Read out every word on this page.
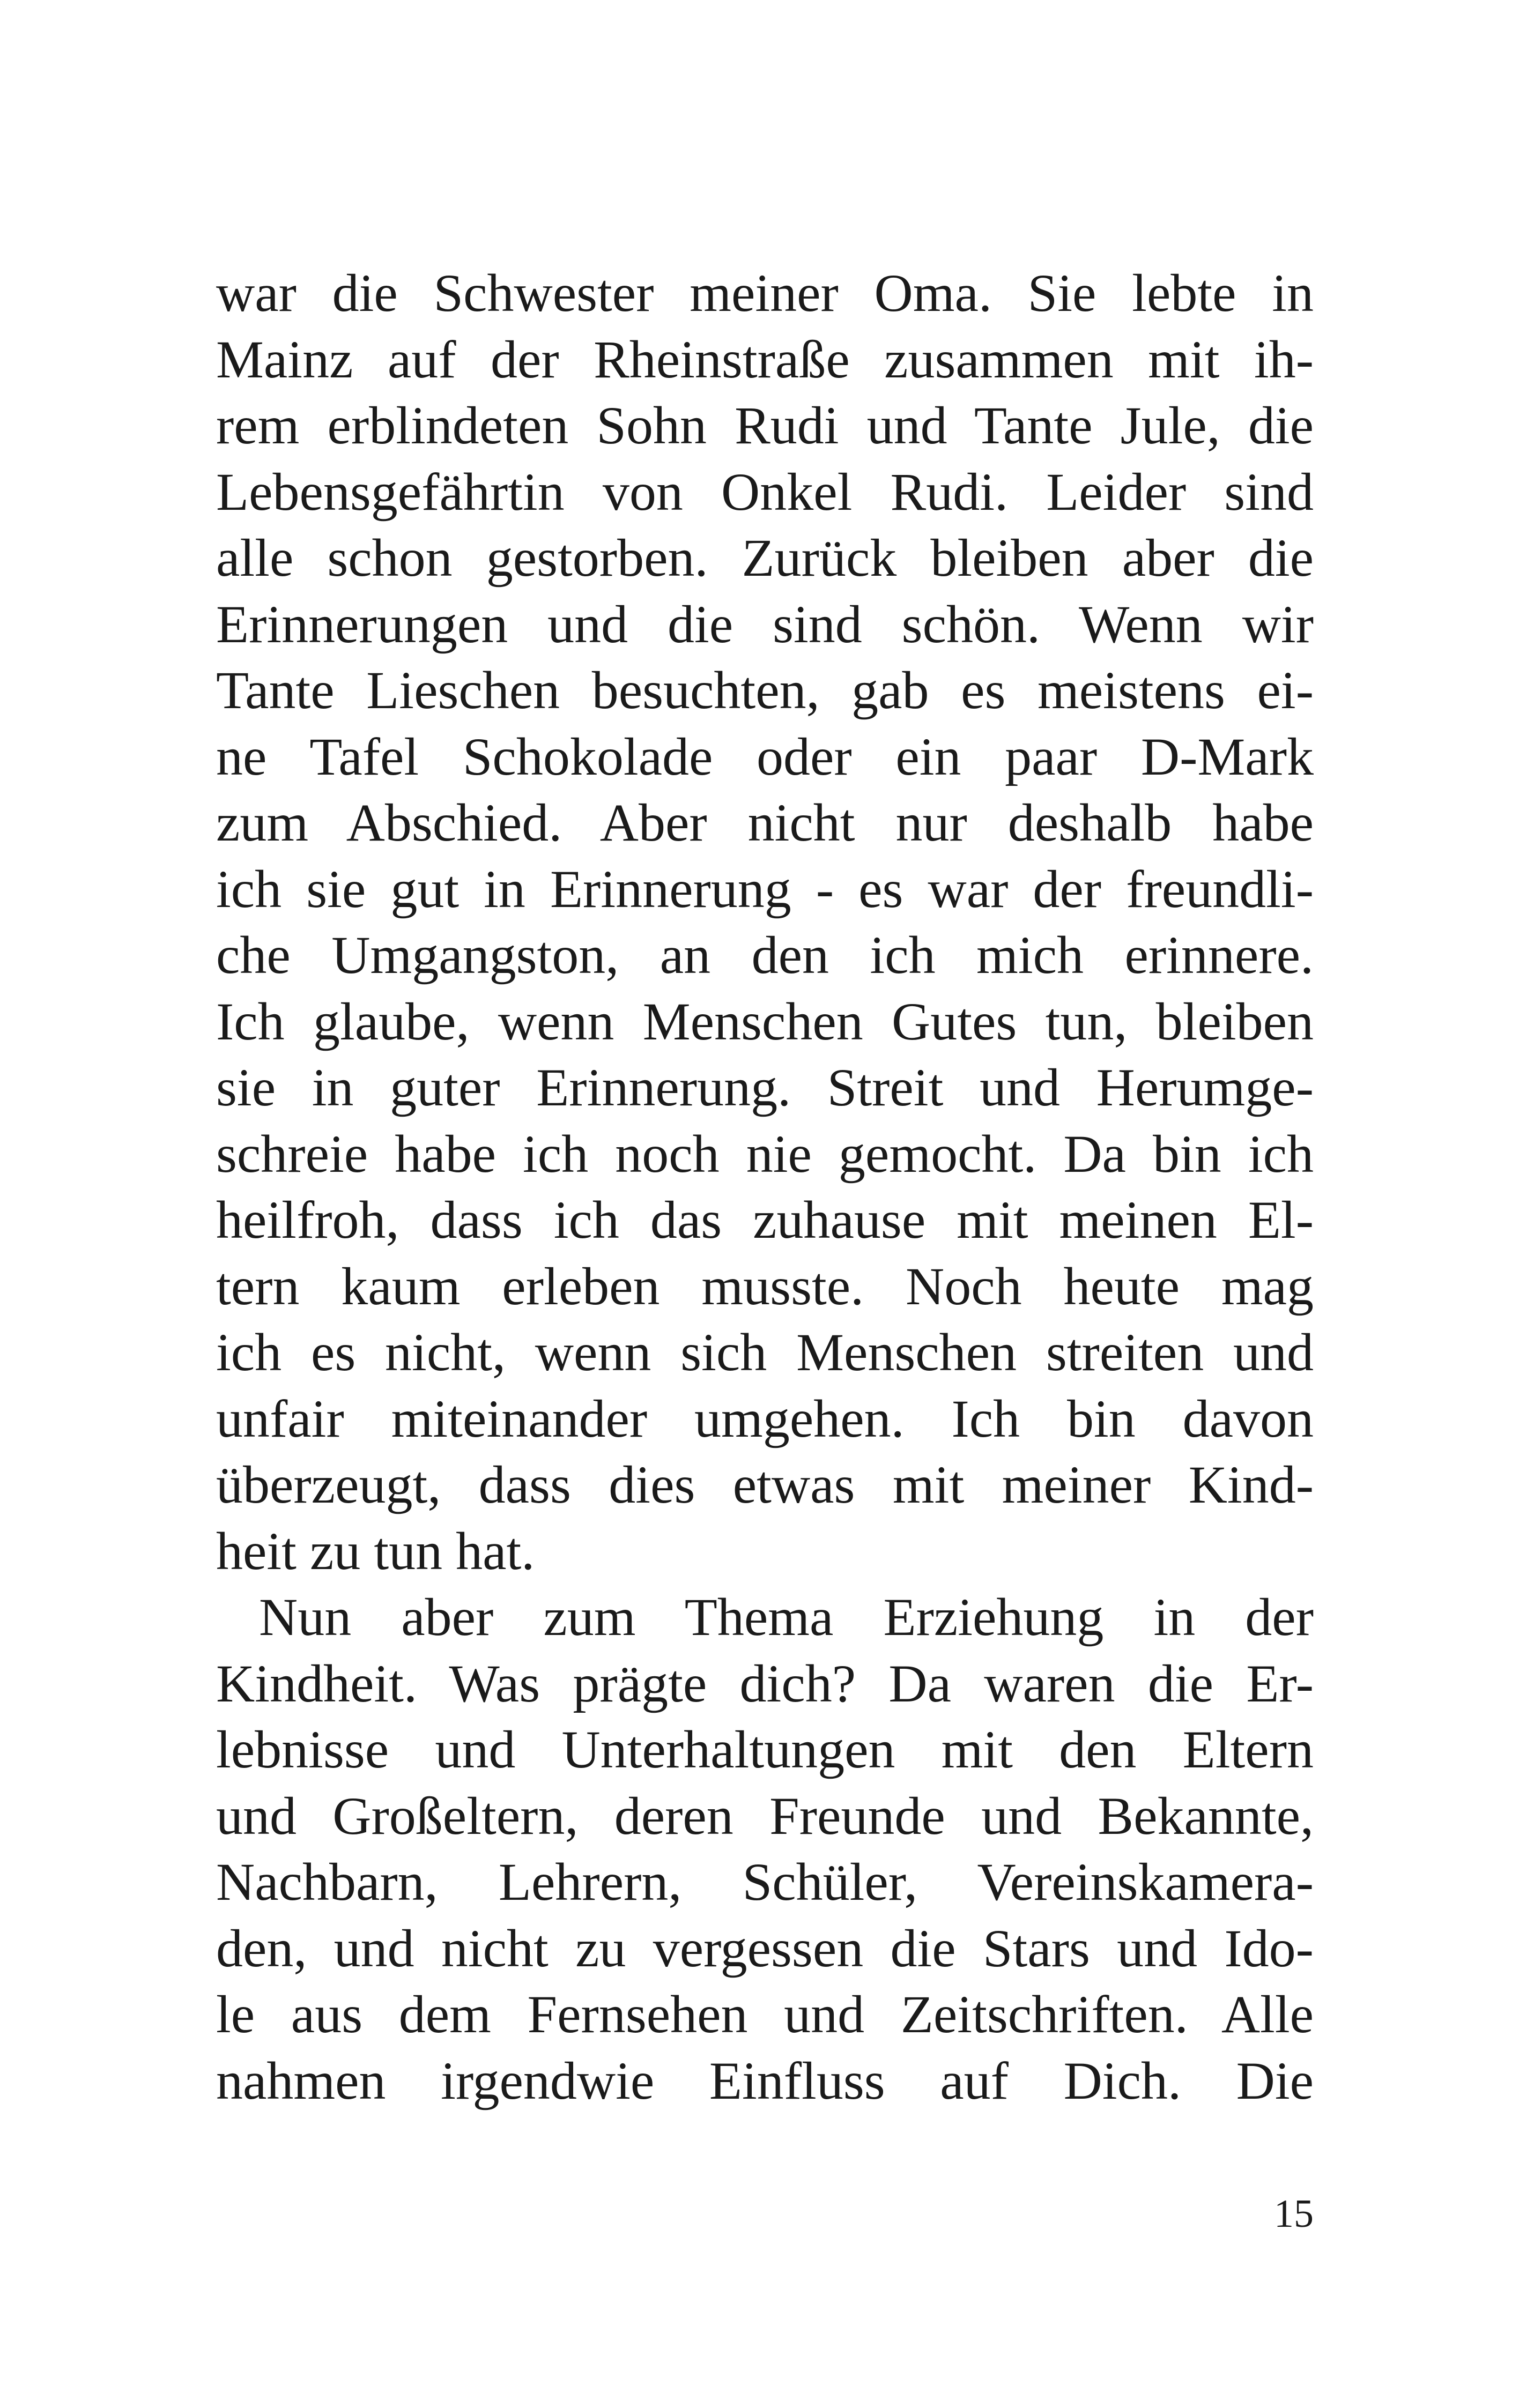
war die Schwester meiner Oma. Sie lebte in
Mainz auf der Rheinstraße zusammen mit ih-
rem erblindeten Sohn Rudi und Tante Jule, die
Lebensgefährtin von Onkel Rudi. Leider sind
alle schon gestorben. Zurück bleiben aber die
Erinnerungen und die sind schön. Wenn wir
Tante Lieschen besuchten, gab es meistens ei-
ne Tafel Schokolade oder ein paar D-Mark
zum Abschied. Aber nicht nur deshalb habe
ich sie gut in Erinnerung - es war der freundli-
che Umgangston, an den ich mich erinnere.
Ich glaube, wenn Menschen Gutes tun, bleiben
sie in guter Erinnerung. Streit und Herumge-
schreie habe ich noch nie gemocht. Da bin ich
heilfroh, dass ich das zuhause mit meinen El-
tern kaum erleben musste. Noch heute mag
ich es nicht, wenn sich Menschen streiten und
unfair miteinander umgehen. Ich bin davon
überzeugt, dass dies etwas mit meiner Kind-
heit zu tun hat.
Nun aber zum Thema Erziehung in der
Kindheit. Was prägte dich? Da waren die Er-
lebnisse und Unterhaltungen mit den Eltern
und Großeltern, deren Freunde und Bekannte,
Nachbarn, Lehrern, Schüler, Vereinskamera-
den, und nicht zu vergessen die Stars und Ido-
le aus dem Fernsehen und Zeitschriften. Alle
nahmen irgendwie Einfluss auf Dich. Die
15
